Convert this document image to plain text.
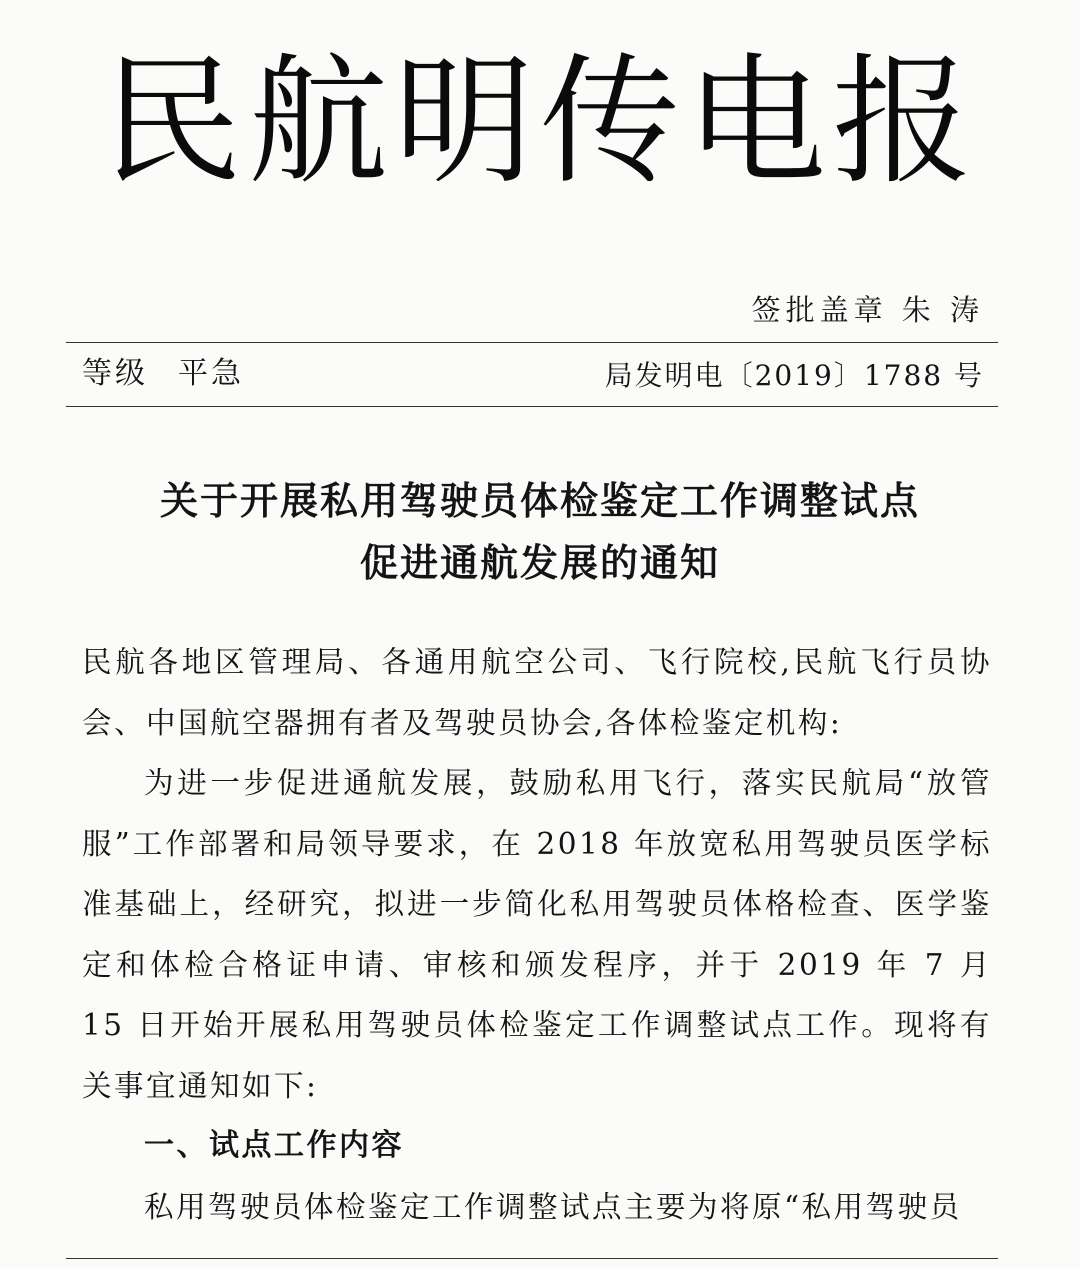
民航明传电报
签批盖章 朱 涛
等级 平急	局发明电〔2019〕1788 号
关于开展私用驾驶员体检鉴定工作调整试点
促进通航发展的通知

民航各地区管理局、各通用航空公司、飞行院校,民航飞行员协会、中国航空器拥有者及驾驶员协会,各体检鉴定机构:

为进一步促进通航发展，鼓励私用飞行，落实民航局“放管服”工作部署和局领导要求，在 2018 年放宽私用驾驶员医学标准基础上，经研究，拟进一步简化私用驾驶员体格检查、医学鉴定和体检合格证申请、审核和颁发程序，并于 2019 年 7 月 15 日开始开展私用驾驶员体检鉴定工作调整试点工作。现将有关事宜通知如下:

一、试点工作内容

私用驾驶员体检鉴定工作调整试点主要为将原“私用驾驶员
